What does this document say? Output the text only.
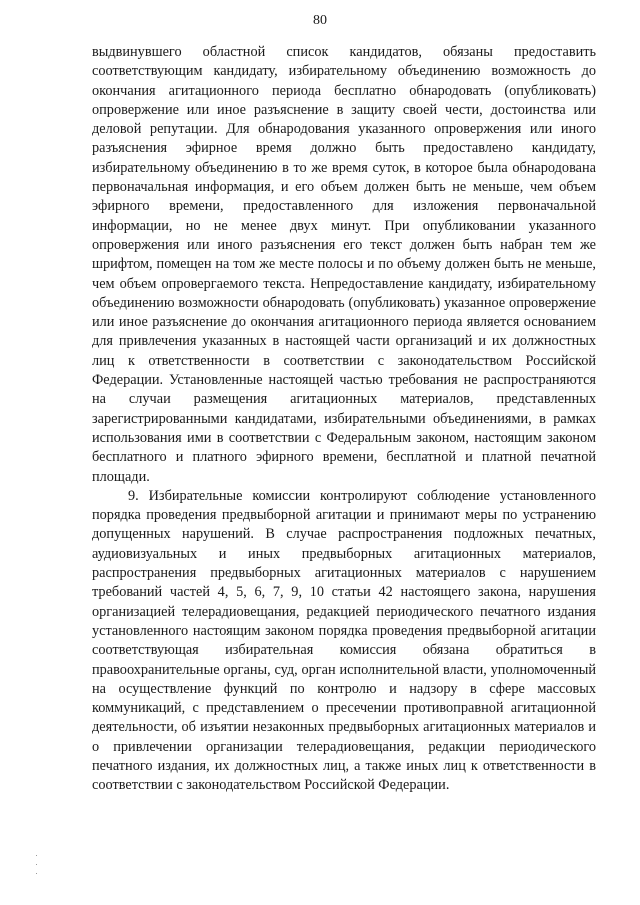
80

выдвинувшего областной список кандидатов, обязаны предоставить соответствующим кандидату, избирательному объединению возможность до окончания агитационного периода бесплатно обнародовать (опубликовать) опровержение или иное разъяснение в защиту своей чести, достоинства или деловой репутации. Для обнародования указанного опровержения или иного разъяснения эфирное время должно быть предоставлено кандидату, избирательному объединению в то же время суток, в которое была обнародована первоначальная информация, и его объем должен быть не меньше, чем объем эфирного времени, предоставленного для изложения первоначальной информации, но не менее двух минут. При опубликовании указанного опровержения или иного разъяснения его текст должен быть набран тем же шрифтом, помещен на том же месте полосы и по объему должен быть не меньше, чем объем опровергаемого текста. Непредоставление кандидату, избирательному объединению возможности обнародовать (опубликовать) указанное опровержение или иное разъяснение до окончания агитационного периода является основанием для привлечения указанных в настоящей части организаций и их должностных лиц к ответственности в соответствии с законодательством Российской Федерации. Установленные настоящей частью требования не распространяются на случаи размещения агитационных материалов, представленных зарегистрированными кандидатами, избирательными объединениями, в рамках использования ими в соответствии с Федеральным законом, настоящим законом бесплатного и платного эфирного времени, бесплатной и платной печатной площади.

9. Избирательные комиссии контролируют соблюдение установленного порядка проведения предвыборной агитации и принимают меры по устранению допущенных нарушений. В случае распространения подложных печатных, аудиовизуальных и иных предвыборных агитационных материалов, распространения предвыборных агитационных материалов с нарушением требований частей 4, 5, 6, 7, 9, 10 статьи 42 настоящего закона, нарушения организацией телерадиовещания, редакцией периодического печатного издания установленного настоящим законом порядка проведения предвыборной агитации соответствующая избирательная комиссия обязана обратиться в правоохранительные органы, суд, орган исполнительной власти, уполномоченный на осуществление функций по контролю и надзору в сфере массовых коммуникаций, с представлением о пресечении противоправной агитационной деятельности, об изъятии незаконных предвыборных агитационных материалов и о привлечении организации телерадиовещания, редакции периодического печатного издания, их должностных лиц, а также иных лиц к ответственности в соответствии с законодательством Российской Федерации.
